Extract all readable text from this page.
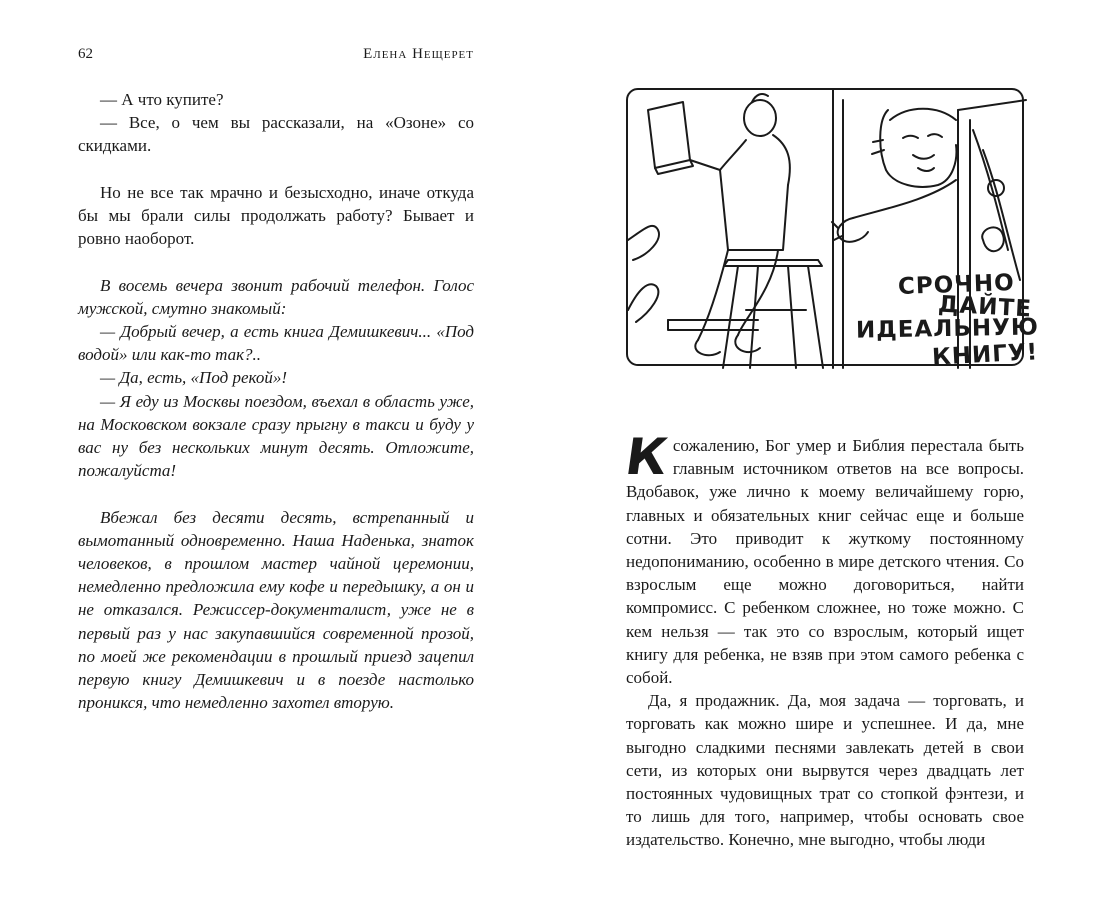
62	Елена Нещерет

— А что купите?

— Все, о чем вы рассказали, на «Озоне» со скидками.

Но не все так мрачно и безысходно, иначе откуда бы мы брали силы продолжать работу? Бывает и ровно наоборот.

В восемь вечера звонит рабочий телефон. Голос мужской, смутно знакомый:

— Добрый вечер, а есть книга Демишкевич... «Под водой» или как-то так?..

— Да, есть, «Под рекой»!

— Я еду из Москвы поездом, въехал в область уже, на Московском вокзале сразу прыгну в такси и буду у вас ну без нескольких минут десять. Отложите, пожалуйста!

Вбежал без десяти десять, встрепанный и вымотанный одновременно. Наша Наденька, знаток человеков, в прошлом мастер чайной церемонии, немедленно предложила ему кофе и передышку, а он и не отказался. Режиссер-документалист, уже не в первый раз у нас закупавшийся современной прозой, по моей же рекомендации в прошлый приезд зацепил первую книгу Демишкевич и в поезде настолько проникся, что немедленно захотел вторую.

СРОЧНО
ДАЙТЕ
ИДЕАЛЬНУЮ
КНИГУ!

Ксожалению, Бог умер и Библия перестала быть главным источником ответов на все вопросы. Вдобавок, уже лично к моему величайшему горю, главных и обязательных книг сейчас еще и больше сотни. Это приводит к жуткому постоянному недопониманию, особенно в мире детского чтения. Со взрослым еще можно договориться, найти компромисс. С ребенком сложнее, но тоже можно. С кем нельзя — так это со взрослым, который ищет книгу для ребенка, не взяв при этом самого ребенка с собой.

Да, я продажник. Да, моя задача — торговать, и торговать как можно шире и успешнее. И да, мне выгодно сладкими песнями завлекать детей в свои сети, из которых они вырвутся через двадцать лет постоянных чудовищных трат со стопкой фэнтези, и то лишь для того, например, чтобы основать свое издательство. Конечно, мне выгодно, чтобы люди
